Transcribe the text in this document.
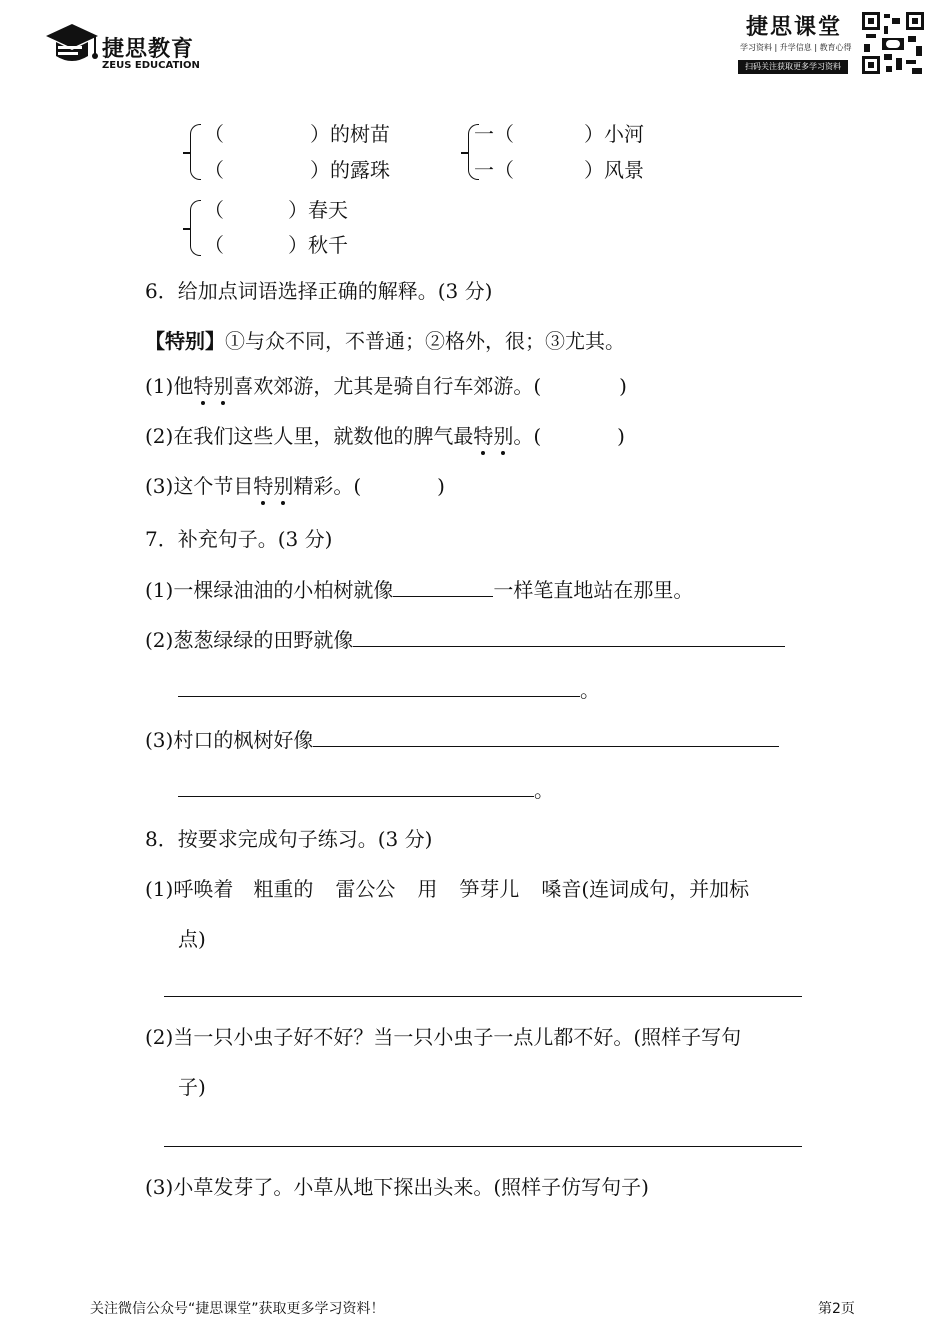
捷思教育
ZEUS EDUCATION
捷思课堂
学习资料 | 升学信息 | 教育心得
扫码关注获取更多学习资料
（	）的树苗
（	）的露珠
一（	）小河
一（	）风景
（	）春天
（	）秋千
6．给加点词语选择正确的解释。(3 分)
【特别】①与众不同，不普通；②格外，很；③尤其。
(1)他特别喜欢郊游，尤其是骑自行车郊游。(	)
(2)在我们这些人里，就数他的脾气最特别。(	)
(3)这个节目特别精彩。(	)
7．补充句子。(3 分)
(1)一棵绿油油的小柏树就像	一样笔直地站在那里。
(2)葱葱绿绿的田野就像
。
(3)村口的枫树好像
。
8．按要求完成句子练习。(3 分)
(1)呼唤着 粗重的 雷公公 用 笋芽儿 嗓音(连词成句，并加标
点)
(2)当一只小虫子好不好？当一只小虫子一点儿都不好。(照样子写句
子)
(3)小草发芽了。小草从地下探出头来。(照样子仿写句子)
关注微信公众号“捷思课堂”获取更多学习资料！	第2页
